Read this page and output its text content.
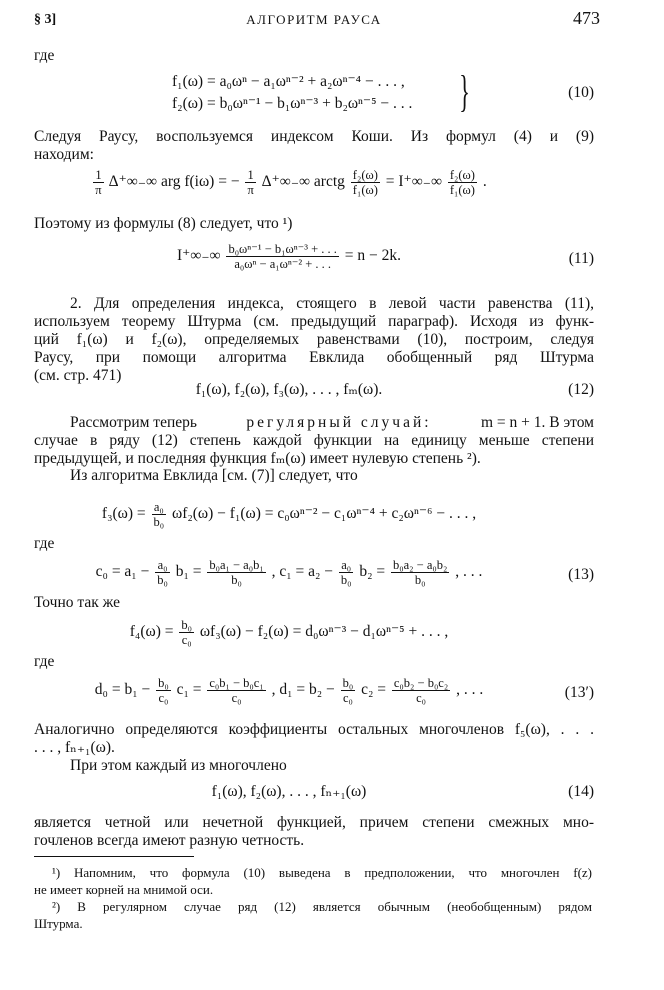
§ 3]	АЛГОРИТМ РАУСА	473
где
f₁(ω) = a₀ωⁿ − a₁ωⁿ⁻² + a₂ωⁿ⁻⁴ − . . . ,
f₂(ω) = b₀ωⁿ⁻¹ − b₁ωⁿ⁻³ + b₂ωⁿ⁻⁵ − . . . }	(10)
Следуя Раусу, воспользуемся индексом Коши. Из формул (4) и (9)
находим:
$\frac{1}{\pi} \Delta^+\infty_-\infty$ arg f(iω) = − $\frac{1}{\pi} \Delta^+\infty_-\infty$ arctg $\frac{\text{f₂(ω)}}{\text{f₁(ω)}} = I^+\infty_-\infty \frac{\text{f₂(ω)}}{\text{f₁(ω)}}$ .
Поэтому из формулы (8) следует, что ¹)
$I^+\infty_-\infty \frac{\text{b₀ωⁿ⁻¹ − b₁ωⁿ⁻³ + . . .}}{\text{a₀ωⁿ − a₁ωⁿ⁻² + . . .}} = n - 2k$.	(11)
2. Для определения индекса, стоящего в левой части равенства (11),
используем теорему Штурма (см. предыдущий параграф). Исходя из функ-
ций f₁(ω) и f₂(ω), определяемых равенствами (10), построим, следуя
Раусу, при помощи алгоритма Евклида обобщенный ряд Штурма
(см. стр. 471)
f₁(ω), f₂(ω), f₃(ω), . . . , fₘ(ω).	(12)
Рассмотрим теперь	регулярный случай:	m = n + 1. В этом
случае в ряду (12) степень каждой функции на единицу меньше степени
предыдущей, и последняя функция fₘ(ω) имеет нулевую степень ²).
Из алгоритма Евклида [см. (7)] следует, что
$f_3(\omega) = \frac{\text{a₀}}{\text{b₀}} \omega f_2(\omega) - f_1(\omega) = c_0\omega^{n-2} - c_1\omega^{n-4} + c_2\omega^{n-6}$ − . . . ,
где
$c_0 = a_1 - \frac{\text{a₀}}{\text{b₀}} b_1 = \frac{\text{b₀a₁ − a₀b₁}}{\text{b₀}}$ , $c_1 = a_2 - \frac{\text{a₀}}{\text{b₀}} b_2 = \frac{\text{b₀a₂ − a₀b₂}}{\text{b₀}}$ , . . .	(13)
Точно так же
$f_4(\omega) = \frac{\text{b₀}}{\text{c₀}} \omega f_3(\omega) - f_2(\omega) = d_0\omega^{n-3} - d_1\omega^{n-5}$ + . . . ,
где
$d_0 = b_1 - \frac{\text{b₀}}{\text{c₀}} c_1 = \frac{\text{c₀b₁ − b₀c₁}}{\text{c₀}}$ , $d_1 = b_2 - \frac{\text{b₀}}{\text{c₀}} c_2 = \frac{\text{c₀b₂ − b₀c₂}}{\text{c₀}}$ , . . .	(13′)
Аналогично определяются коэффициенты остальных многочленов f₅(ω), . . .
. . . , fₙ₊₁(ω).
При этом каждый из многочлено
f₁(ω), f₂(ω), . . . , fₙ₊₁(ω)	(14)
является четной или нечетной функцией, причем степени смежных мно-
гочленов всегда имеют разную четность.
¹) Напомним, что формула (10) выведена в предположении, что многочлен f(z)
не имеет корней на мнимой оси.
²) В регулярном случае ряд (12) является обычным (необобщенным) рядом
Штурма.
